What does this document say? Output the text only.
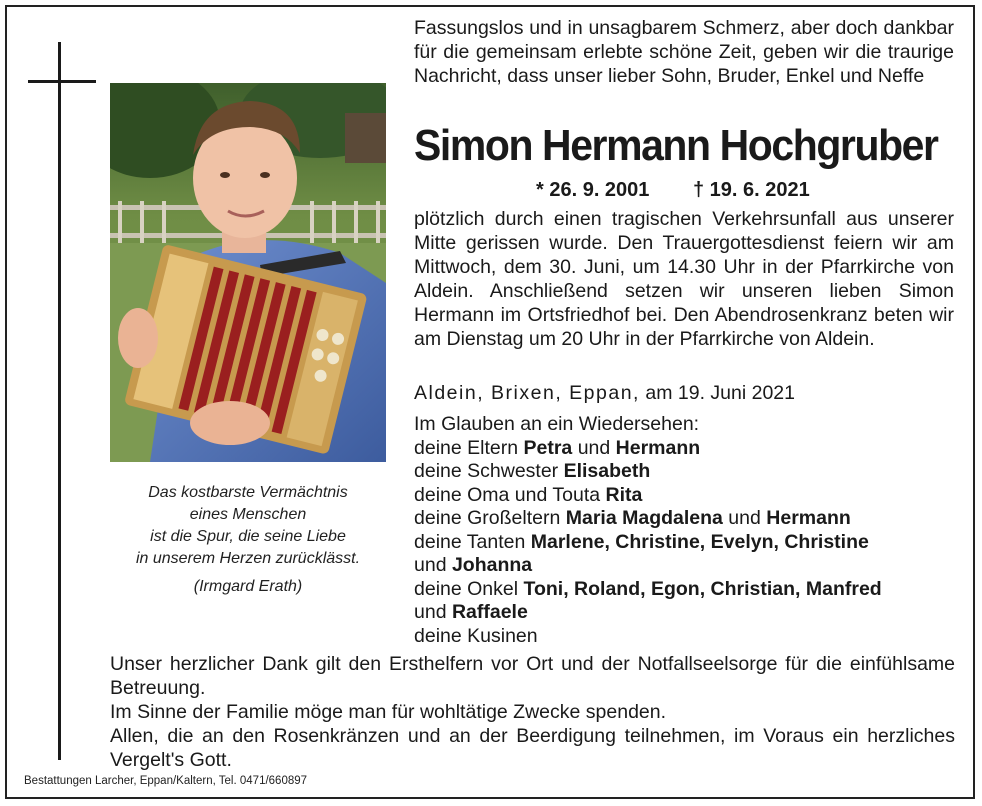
Das kostbarste Vermächtnis
eines Menschen
ist die Spur, die seine Liebe
in unserem Herzen zurücklässt.
(Irmgard Erath)
Fassungslos und in unsagbarem Schmerz, aber doch dankbar für die gemeinsam erlebte schöne Zeit, geben wir die traurige Nachricht, dass unser lieber Sohn, Bruder, Enkel und Neffe
Simon Hermann Hochgruber
* 26. 9. 2001 † 19. 6. 2021
plötzlich durch einen tragischen Verkehrsunfall aus unserer Mitte gerissen wurde. Den Trauergottesdienst feiern wir am Mittwoch, dem 30. Juni, um 14.30 Uhr in der Pfarrkirche von Aldein. Anschließend setzen wir unseren lieben Simon Hermann im Ortsfriedhof bei. Den Abendrosenkranz beten wir am Dienstag um 20 Uhr in der Pfarrkirche von Aldein.
Aldein, Brixen, Eppan, am 19. Juni 2021
Im Glauben an ein Wiedersehen:
deine Eltern Petra und Hermann
deine Schwester Elisabeth
deine Oma und Touta Rita
deine Großeltern Maria Magdalena und Hermann
deine Tanten Marlene, Christine, Evelyn, Christine
und Johanna
deine Onkel Toni, Roland, Egon, Christian, Manfred
und Raffaele
deine Kusinen

Unser herzlicher Dank gilt den Ersthelfern vor Ort und der Notfallseelsorge für die einfühlsame Betreuung.

Im Sinne der Familie möge man für wohltätige Zwecke spenden.

Allen, die an den Rosenkränzen und an der Beerdigung teilnehmen, im Voraus ein herzliches Vergelt's Gott.

Bestattungen Larcher, Eppan/Kaltern, Tel. 0471/660897
